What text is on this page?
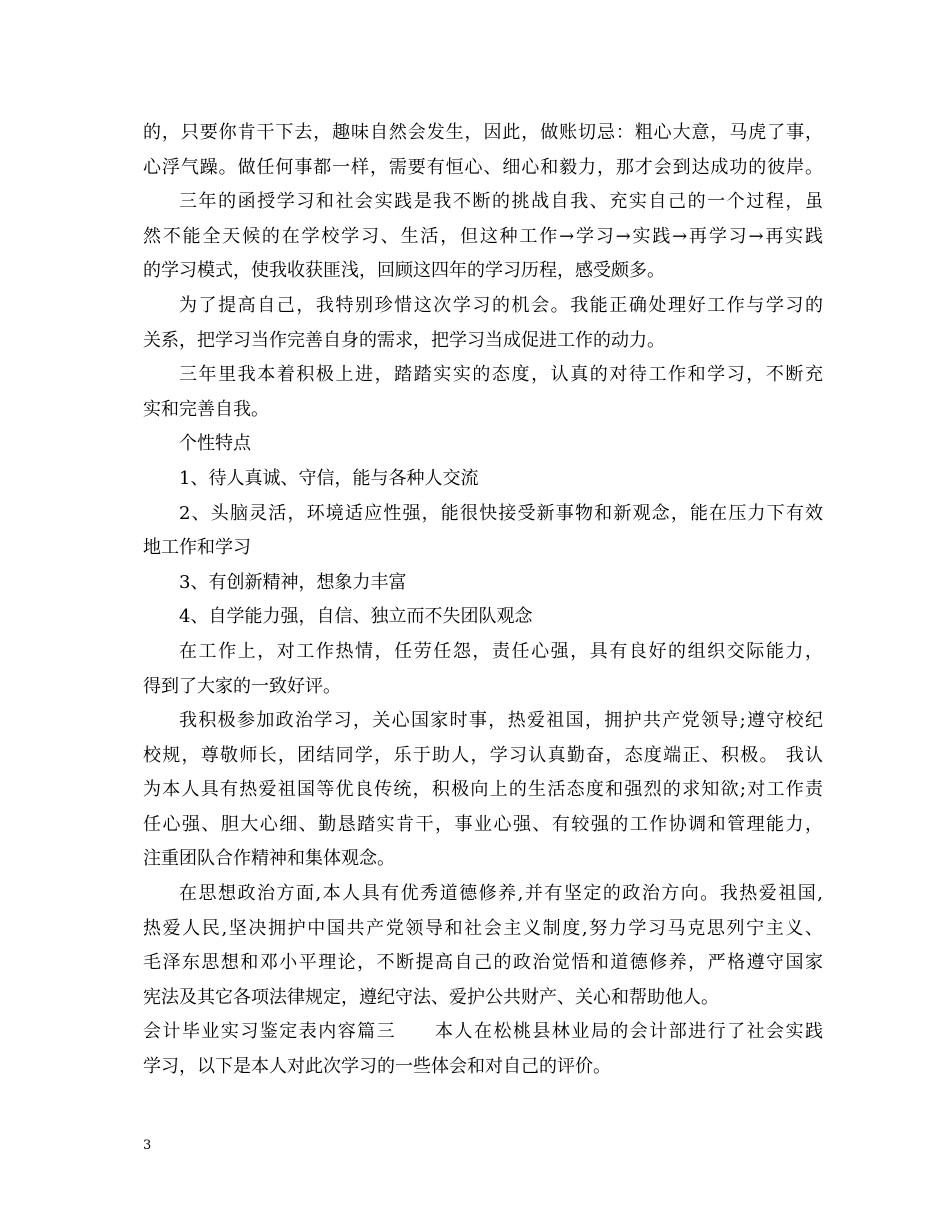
的，只要你肯干下去，趣味自然会发生，因此，做账切忌：粗心大意，马虎了事，
心浮气躁。做任何事都一样，需要有恒心、细心和毅力，那才会到达成功的彼岸。
三年的函授学习和社会实践是我不断的挑战自我、充实自己的一个过程，虽
然不能全天候的在学校学习、生活，但这种工作→学习→实践→再学习→再实践
的学习模式，使我收获匪浅，回顾这四年的学习历程，感受颇多。
为了提高自己，我特别珍惜这次学习的机会。我能正确处理好工作与学习的
关系，把学习当作完善自身的需求，把学习当成促进工作的动力。
三年里我本着积极上进，踏踏实实的态度，认真的对待工作和学习，不断充
实和完善自我。
个性特点
1、待人真诚、守信，能与各种人交流
2、头脑灵活，环境适应性强，能很快接受新事物和新观念，能在压力下有效
地工作和学习
3、有创新精神，想象力丰富
4、自学能力强，自信、独立而不失团队观念
在工作上，对工作热情，任劳任怨，责任心强，具有良好的组织交际能力，
得到了大家的一致好评。
我积极参加政治学习，关心国家时事，热爱祖国，拥护共产党领导;遵守校纪
校规，尊敬师长，团结同学，乐于助人，学习认真勤奋，态度端正、积极。 我认
为本人具有热爱祖国等优良传统，积极向上的生活态度和强烈的求知欲;对工作责
任心强、胆大心细、勤恳踏实肯干，事业心强、有较强的工作协调和管理能力，
注重团队合作精神和集体观念。
在思想政治方面,本人具有优秀道德修养,并有坚定的政治方向。我热爱祖国,
热爱人民,坚决拥护中国共产党领导和社会主义制度,努力学习马克思列宁主义、
毛泽东思想和邓小平理论，不断提高自己的政治觉悟和道德修养，严格遵守国家
宪法及其它各项法律规定，遵纪守法、爱护公共财产、关心和帮助他人。
会计毕业实习鉴定表内容篇三　　本人在松桃县林业局的会计部进行了社会实践
学习，以下是本人对此次学习的一些体会和对自己的评价。
3
